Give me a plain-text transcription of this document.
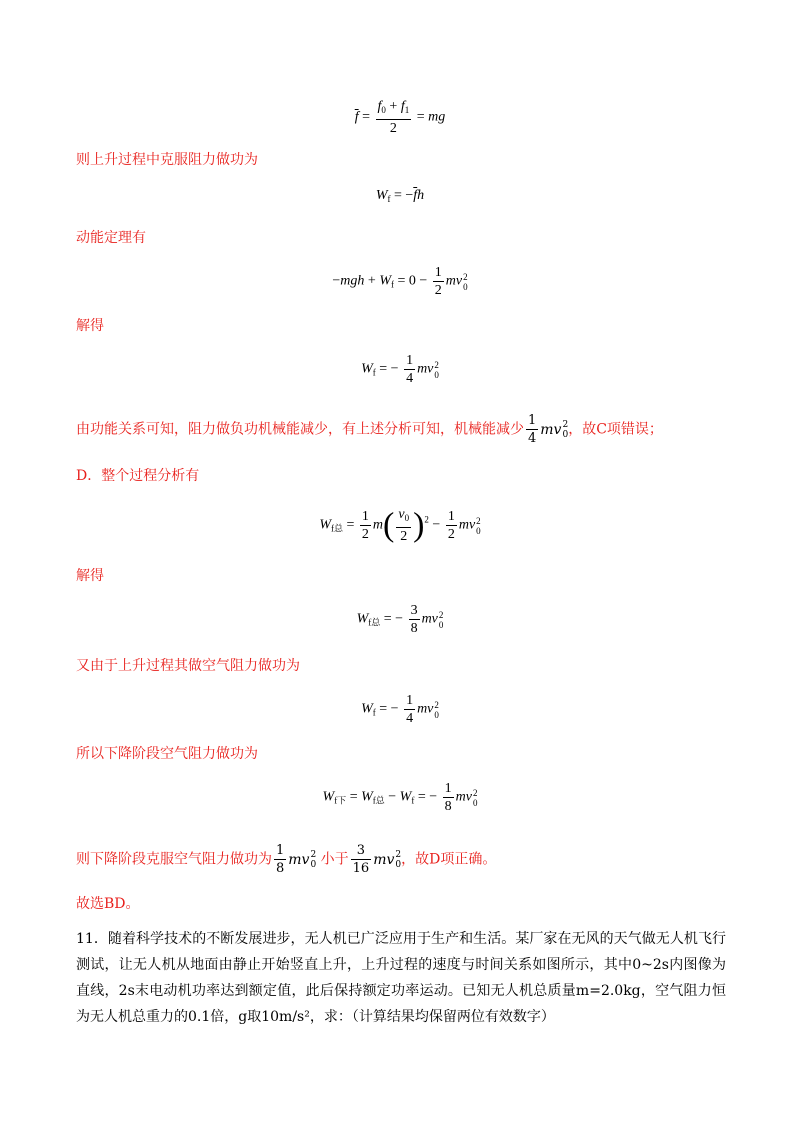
$\overline{f} = \frac{f_0 + f_1}{2}$ = mg
则上升过程中克服阻力做功为
$W_f = -\overline{f}h$
动能定理有
$-mgh + W_f = 0 - \frac{1}{2}$ mv 2
0
解得
$W_f$ = − $\frac{1}{4}$ mv 2
0
由功能关系可知，阻力做负功机械能减少，有上述分析可知，机械能减少 $\frac{1}{4}$ mv 2
0 ，故C项错误；
D．整个过程分析有
$W_{f总} = \frac{1}{2} m( \frac{v_0}{2} )^2 - \frac{1}{2}$ mv 2
0
解得
$W_{f总}$ = − $\frac{3}{8}$ mv 2
0
又由于上升过程其做空气阻力做功为
$W_f$ = − $\frac{1}{4}$ mv 2
0
所以下降阶段空气阻力做功为
$W_{f下} = W_{f总} - W_f$ = − $\frac{1}{8}$ mv 2
0
则下降阶段克服空气阻力做功为 $\frac{1}{8}$ mv 2
0 小于 $\frac{3}{16}$ mv 2
0 ，故D项正确。
故选BD。
11．随着科学技术的不断发展进步，无人机已广泛应用于生产和生活。某厂家在无风的天气做无人机飞行测试，让无人机从地面由静止开始竖直上升，上升过程的速度与时间关系如图所示，其中0~2s内图像为直线，2s末电动机功率达到额定值，此后保持额定功率运动。已知无人机总质量m=2.0kg，空气阻力恒为无人机总重力的0.1倍，g取10m/s²，求：（计算结果均保留两位有效数字）
